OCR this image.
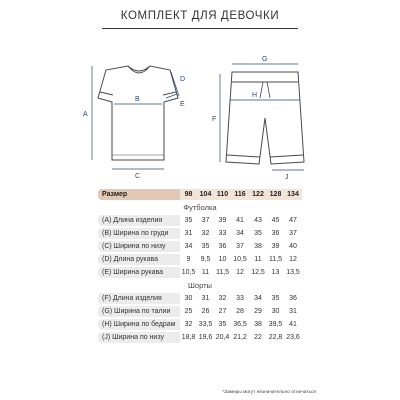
КОМПЛЕКТ ДЛЯ ДЕВОЧКИ
A
B
C
D
E
G
H
F
J
Размер	98	104	110	116	122	128	134
Футболка							
(A) Длина изделия	35	37	39	41	43	45	47
(B) Ширина по груди	31	32	33	34	35	36	37
(C) Ширина по низу	34	35	36	37	38	39	40
(D) Длина рукава	9	9,5	10	10,5	11	11,5	12
(E) Ширина рукава	10,5	11	11,5	12	12,5	13	13,5
Шорты							
(F) Длина изделия	30	31	32	33	34	35	36
(G) Ширина по талии	25	26	27	28	29	30	31
(H) Ширина по бедрам	32	33,5	35	36,5	38	39,5	41
(J) Ширина по низу	18,8	19,6	20,4	21,2	22	22,8	23,6
*Замеры могут незначительно отличаться
